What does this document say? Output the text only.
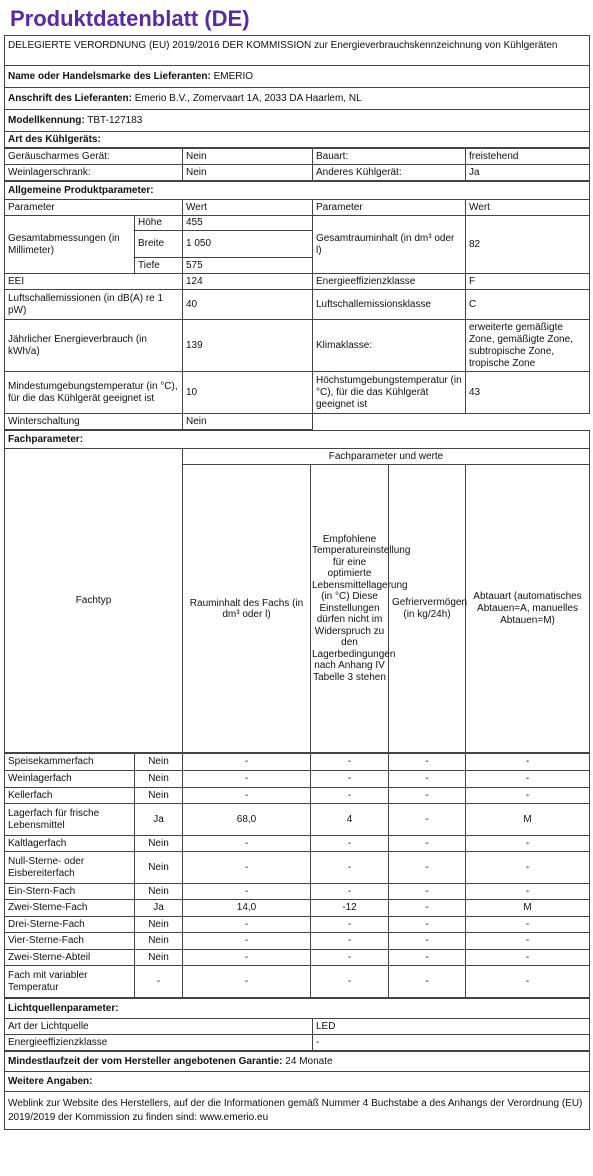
Produktdatenblatt (DE)
DELEGIERTE VERORDNUNG (EU) 2019/2016 DER KOMMISSION zur Energieverbrauchskennzeichnung von Kühlgeräten
Name oder Handelsmarke des Lieferanten: EMERIO
Anschrift des Lieferanten: Emerio B.V., Zomervaart 1A, 2033 DA Haarlem, NL
Modellkennung: TBT-127183
Art des Kühlgeräts:
Geräuscharmes Gerät:	Nein	Bauart:	freistehend
Weinlagerschrank:	Nein	Anderes Kühlgerät:	Ja
Allgemeine Produktparameter:				
Parameter		Wert	Parameter	Wert
Gesamtabmessungen (in Millimeter)	Höhe	455	Gesamtrauminhalt (in dm³ oder l)	82
	Breite	1 050		
	Tiefe	575		
EEI		124	Energieeffizienzklasse	F
Luftschallemissionen (in dB(A) re 1 pW)		40	Luftschallemissionsklasse	C
Jährlicher Energieverbrauch (in kWh/a)		139	Klimaklasse:	erweiterte gemäßigte Zone, gemäßigte Zone, subtropische Zone, tropische Zone
Mindestumgebungstemperatur (in °C), für die das Kühlgerät geeignet ist		10	Höchstumgebungstemperatur (in °C), für die das Kühlgerät geeignet ist	43
Winterschaltung		Nein		
Fachparameter:				
Fachtyp	Fachparameter und werte			
	Rauminhalt des Fachs (in dm³ oder l)	Empfohlene Temperatureinstellung für eine optimierte Lebensmittellagerung (in °C) Diese Einstellungen dürfen nicht im Widerspruch zu den Lagerbedingungen nach Anhang IV Tabelle 3 stehen	Gefriervermögen (in kg/24h)	Abtauart (automatisches Abtauen=A, manuelles Abtauen=M)
Speisekammerfach	Nein	-	-	-	-
Weinlagerfach	Nein	-	-	-	-
Kellerfach	Nein	-	-	-	-
Lagerfach für frische Lebensmittel	Ja	68,0	4	-	M
Kaltlagerfach	Nein	-	-	-	-
Null-Sterne- oder Eisbereiterfach	Nein	-	-	-	-
Ein-Stern-Fach	Nein	-	-	-	-
Zwei-Sterne-Fach	Ja	14,0	-12	-	M
Drei-Sterne-Fach	Nein	-	-	-	-
Vier-Sterne-Fach	Nein	-	-	-	-
Zwei-Sterne-Abteil	Nein	-	-	-	-
Fach mit variabler Temperatur	-	-	-	-	-
Lichtquellenparameter:	
Art der Lichtquelle	LED
Energieeffizienzklasse	-
Mindestlaufzeit der vom Hersteller angebotenen Garantie: 24 Monate
Weitere Angaben:
Weblink zur Website des Herstellers, auf der die Informationen gemäß Nummer 4 Buchstabe a des Anhangs der Verordnung (EU) 2019/2019 der Kommission zu finden sind: www.emerio.eu
